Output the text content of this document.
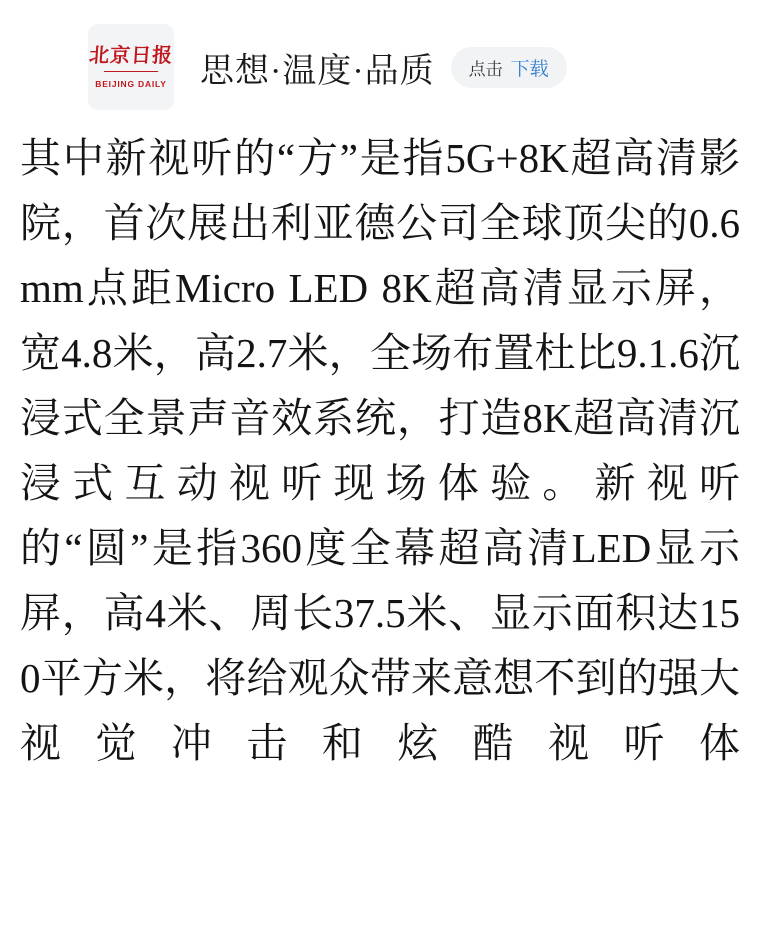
北京日报
BEIJING DAILY 思想·温度·品质 点击 下载

其中新视听的“方”是指5G+8K超高清影院，首次展出利亚德公司全球顶尖的0.6mm点距Micro LED 8K超高清显示屏，宽4.8米，高2.7米，全场布置杜比9.1.6沉浸式全景声音效系统，打造8K超高清沉浸式互动视听现场体验。新视听的“圆”是指360度全幕超高清LED显示屏，高4米、周长37.5米、显示面积达150平方米，将给观众带来意想不到的强大视觉冲击和炫酷视听体
